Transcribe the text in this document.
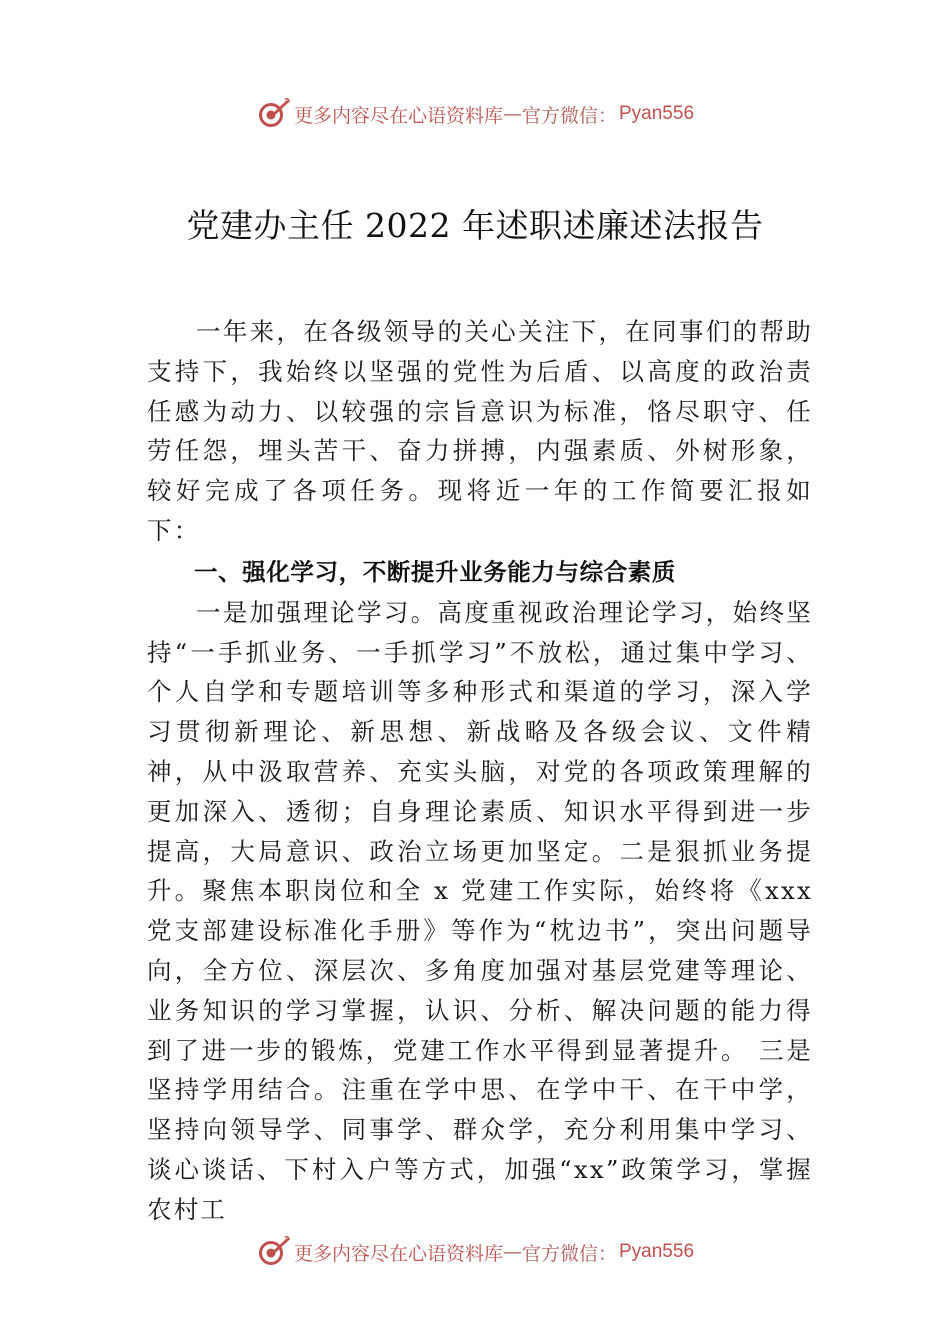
更多内容尽在心语资料库 — 官方微信： Pyan556
党建办主任 2022 年述职述廉述法报告

一年来，在各级领导的关心关注下，在同事们的帮助支持下，我始终以坚强的党性为后盾、以高度的政治责任感为动力、以较强的宗旨意识为标准，恪尽职守、任劳任怨，埋头苦干、奋力拼搏，内强素质、外树形象，较好完成了各项任务。现将近一年的工作简要汇报如下：

一、强化学习，不断提升业务能力与综合素质

一是加强理论学习。高度重视政治理论学习，始终坚持“一手抓业务、一手抓学习”不放松，通过集中学习、个人自学和专题培训等多种形式和渠道的学习，深入学习贯彻新理论、新思想、新战略及各级会议、文件精神，从中汲取营养、充实头脑，对党的各项政策理解的更加深入、透彻；自身理论素质、知识水平得到进一步提高，大局意识、政治立场更加坚定。二是狠抓业务提升。聚焦本职岗位和全 x 党建工作实际，始终将《xxx 党支部建设标准化手册》等作为“枕边书”，突出问题导向，全方位、深层次、多角度加强对基层党建等理论、业务知识的学习掌握，认识、分析、解决问题的能力得到了进一步的锻炼，党建工作水平得到显著提升。 三是坚持学用结合。注重在学中思、在学中干、在干中学， 坚持向领导学、同事学、群众学，充分利用集中学习、谈心谈话、下村入户等方式，加强“xx”政策学习，掌握农村工

更多内容尽在心语资料库 — 官方微信： Pyan556
